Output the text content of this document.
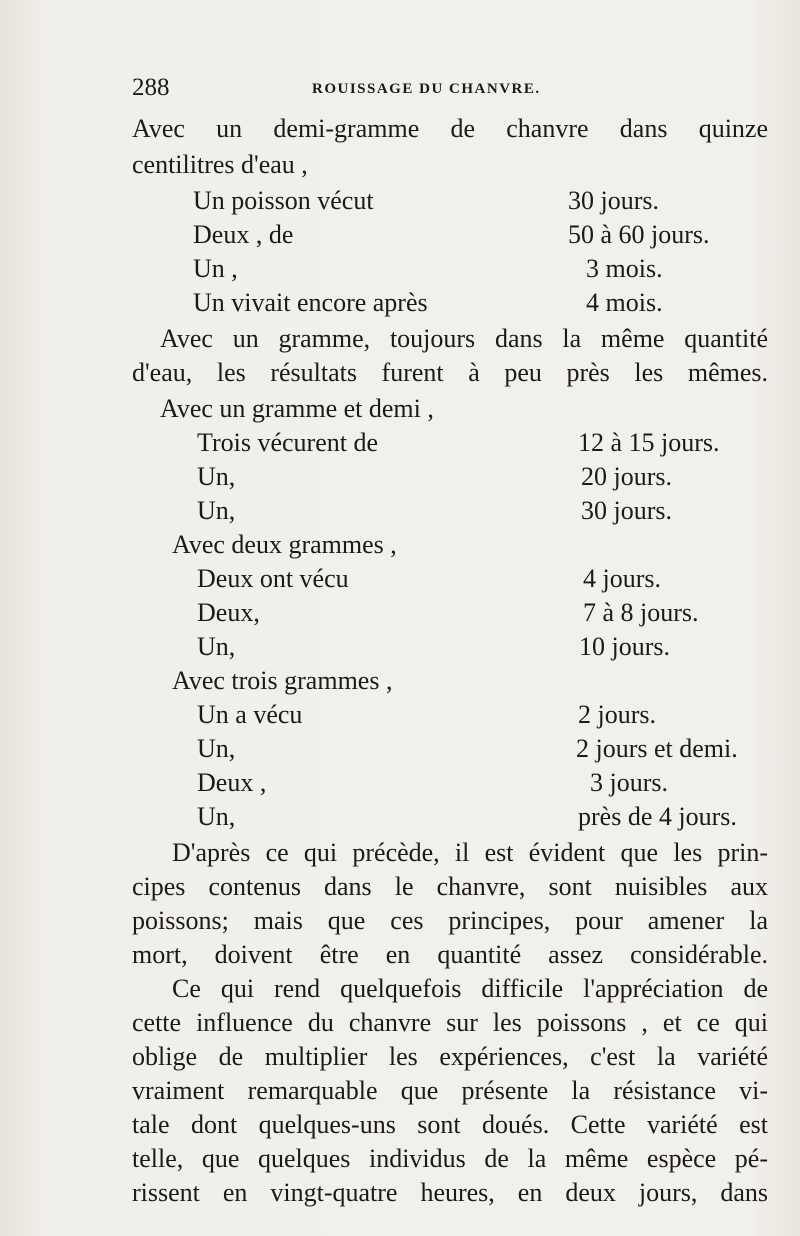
288	ROUISSAGE DU CHANVRE.
Avec un demi-gramme de chanvre dans quinze
centilitres d'eau ,
Un poisson vécut	30 jours.
Deux , de	50 à 60 jours.
Un ,	3 mois.
Un vivait encore après	4 mois.
Avec un gramme, toujours dans la même quantité
d'eau, les résultats furent à peu près les mêmes.
Avec un gramme et demi ,
Trois vécurent de	12 à 15 jours.
Un,	20 jours.
Un,	30 jours.
Avec deux grammes ,
Deux ont vécu	4 jours.
Deux,	7 à 8 jours.
Un,	10 jours.
Avec trois grammes ,
Un a vécu	2 jours.
Un,	2 jours et demi.
Deux ,	3 jours.
Un,	près de 4 jours.
D'après ce qui précède, il est évident que les prin-
cipes contenus dans le chanvre, sont nuisibles aux
poissons; mais que ces principes, pour amener la
mort, doivent être en quantité assez considérable.
Ce qui rend quelquefois difficile l'appréciation de
cette influence du chanvre sur les poissons , et ce qui
oblige de multiplier les expériences, c'est la variété
vraiment remarquable que présente la résistance vi-
tale dont quelques-uns sont doués. Cette variété est
telle, que quelques individus de la même espèce pé-
rissent en vingt-quatre heures, en deux jours, dans
